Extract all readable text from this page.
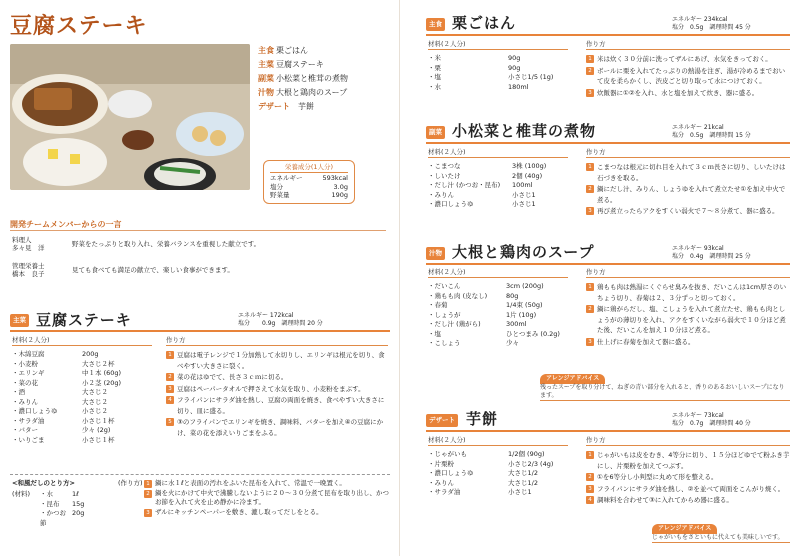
豆腐ステーキ
主食 栗ごはん
主菜 豆腐ステーキ
副菜 小松菜と椎茸の煮物
汁物 大根と鶏肉のスープ
デザート 芋餅
栄養成分(1人分)
エネルギー	593kcal
塩分	3.0g
野菜量	190g
開発チームメンバーからの一言
料理人
多々見　洋	野菜をたっぷりと取り入れ、栄養バランスを重視した献立です。
管理栄養士
橋本　良子	見ても食べても満足の献立で、楽しい食事ができます。
主菜 豆腐ステーキ	エネルギー 172kcal
塩分　　0.9g 調理時間 20 分
材料(２人分)
・木綿豆腐	200g
・小麦粉	大さじ２杯
・エリンギ	中１本 (60g)
・菜の花	小２茎 (20g)
・酒	大さじ２
・みりん	大さじ２
・濃口しょうゆ	小さじ２
・サラダ油	小さじ１杯
・バター	少々 (2g)
・いりごま	小さじ１杯
作り方
1 豆腐は電子レンジで１分加熱して水切りし、エリンギは根元を切り、食べやすい大きさに裂く。
2 菜の花はゆでて、長さ３ｃｍに切る。
3 豆腐はペーパータオルで押さえて水気を取り、小麦粉をまぶす。
4 フライパンにサラダ油を熱し、豆腐の両面を焼き、食べやすい大きさに切り、皿に盛る。
5 ③のフライパンでエリンギを焼き、調味料、バターを加え④の豆腐にかけ、菜の花を添えいりごまをふる。
<和風だしのとり方>
(材料) ・水	1ℓ
・昆布	15g
・かつお節
20g
(作り方) 1 鍋に水１ℓと表面の汚れをふいた昆布を入れて、常温で一晩置く。
2 鍋を火にかけて中火で沸騰しないように２０～３０分煮て昆布を取り出し、かつお節を入れて火を止め静かに冷ます。
3 ザルにキッチンペーパーを敷き、漉し取ってだしをとる。
主食 栗ごはん	エネルギー 234kcal
塩分　0.5g 調理時間 45 分
材料(２人分)
・米	90g
・栗	90g
・塩	小さじ1/5 (1g)
・水	180ml
作り方
1 米は炊く３０分前に洗ってザルにあげ、水気をきっておく。
2 ボールに栗を入れてたっぷりの熱湯を注ぎ、湯が冷めるまでおいて皮を柔らかくし、渋皮ごと切り取って水につけておく。
3 炊飯器に①②を入れ、水と塩を加えて炊き、器に盛る。
副菜 小松菜と椎茸の煮物	エネルギー 21kcal
塩分　0.5g 調理時間 15 分
材料(２人分)
・こまつな	3株 (100g)
・しいたけ	2個 (40g)
・だし汁 (かつお・昆布)	100ml
・みりん	小さじ1
・濃口しょうゆ	小さじ1
作り方
1 こまつなは根元に切れ目を入れて３ｃｍ長さに切り、しいたけは石づきを取る。
2 鍋にだし汁、みりん、しょうゆを入れて煮立たせ①を加え中火で煮る。
3 再び煮立ったらアクをすくい弱火で７～８分煮て、器に盛る。
汁物 大根と鶏肉のスープ	エネルギー 93kcal
塩分　0.4g 調理時間 25 分
材料(２人分)
・だいこん	3cm (200g)
・鶏もも肉 (皮なし)	80g
・春菊	1/4束 (50g)
・しょうが	1片 (10g)
・だし汁 (鶏がら)	300ml
・塩	ひとつまみ (0.2g)
・こしょう	少々
作り方
1 鶏もも肉は熱湯にくぐらせ臭みを抜き、だいこんは1cm厚さのいちょう切り、春菊は２、３分ずっと切っておく。
2 鍋に鶏がらだし、塩、こしょうを入れて煮立たせ、鶏もも肉としょうがの薄切りを入れ、アクをすくいながら弱火で１０分ほど煮た後、だいこんを加え１０分ほど煮る。
3 仕上げに春菊を加えて器に盛る。
アレンジアドバイス
残ったスープを取り分けて、ねぎの青い部分を入れると、香りのあるおいしいスープになります。
デザート 芋餅	エネルギー 73kcal
塩分　0.7g 調理時間 40 分
材料(２人分)
・じゃがいも	1/2個 (90g)
・片栗粉	小さじ2/3 (4g)
・濃口しょうゆ	大さじ1/2
・みりん	大さじ1/2
・サラダ油	小さじ1
作り方
1 じゃがいもは皮をむき、4等分に切り、１５分ほどゆでて粉ふき芋にし、片栗粉を加えてつぶす。
2 ①を6等分し小判型に丸めて形を整える。
3 フライパンにサラダ油を熱し、②を並べて両面をこんがり焼く。
4 調味料を合わせて③に入れてからめ器に盛る。
アレンジアドバイス
じゃがいもをさといもに代えても美味しいです。
